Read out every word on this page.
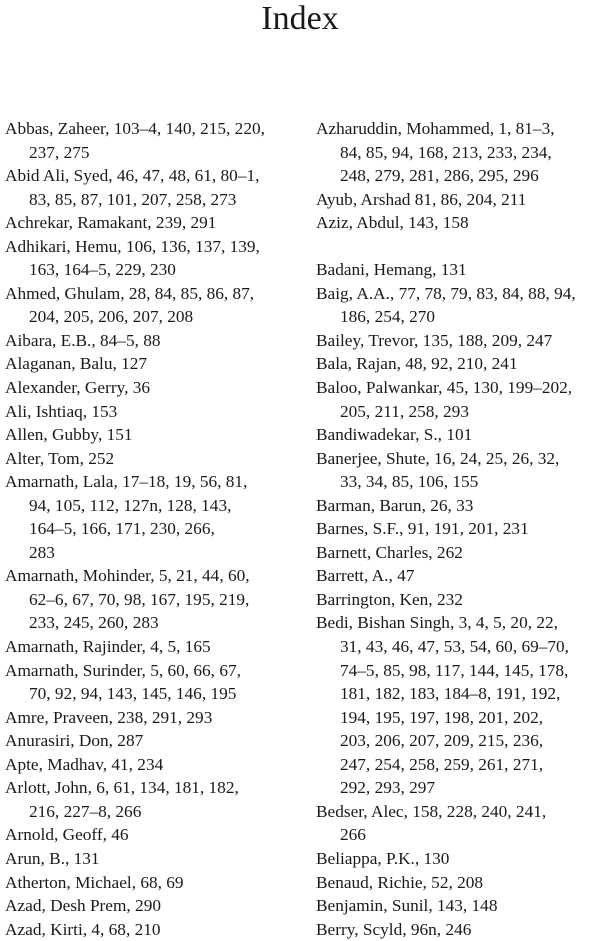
Index
Abbas, Zaheer, 103–4, 140, 215, 220,
237, 275
Abid Ali, Syed, 46, 47, 48, 61, 80–1,
83, 85, 87, 101, 207, 258, 273
Achrekar, Ramakant, 239, 291
Adhikari, Hemu, 106, 136, 137, 139,
163, 164–5, 229, 230
Ahmed, Ghulam, 28, 84, 85, 86, 87,
204, 205, 206, 207, 208
Aibara, E.B., 84–5, 88
Alaganan, Balu, 127
Alexander, Gerry, 36
Ali, Ishtiaq, 153
Allen, Gubby, 151
Alter, Tom, 252
Amarnath, Lala, 17–18, 19, 56, 81,
94, 105, 112, 127n, 128, 143,
164–5, 166, 171, 230, 266,
283
Amarnath, Mohinder, 5, 21, 44, 60,
62–6, 67, 70, 98, 167, 195, 219,
233, 245, 260, 283
Amarnath, Rajinder, 4, 5, 165
Amarnath, Surinder, 5, 60, 66, 67,
70, 92, 94, 143, 145, 146, 195
Amre, Praveen, 238, 291, 293
Anurasiri, Don, 287
Apte, Madhav, 41, 234
Arlott, John, 6, 61, 134, 181, 182,
216, 227–8, 266
Arnold, Geoff, 46
Arun, B., 131
Atherton, Michael, 68, 69
Azad, Desh Prem, 290
Azad, Kirti, 4, 68, 210
Azharuddin, Mohammed, 1, 81–3,
84, 85, 94, 168, 213, 233, 234,
248, 279, 281, 286, 295, 296
Ayub, Arshad 81, 86, 204, 211
Aziz, Abdul, 143, 158
Badani, Hemang, 131
Baig, A.A., 77, 78, 79, 83, 84, 88, 94,
186, 254, 270
Bailey, Trevor, 135, 188, 209, 247
Bala, Rajan, 48, 92, 210, 241
Baloo, Palwankar, 45, 130, 199–202,
205, 211, 258, 293
Bandiwadekar, S., 101
Banerjee, Shute, 16, 24, 25, 26, 32,
33, 34, 85, 106, 155
Barman, Barun, 26, 33
Barnes, S.F., 91, 191, 201, 231
Barnett, Charles, 262
Barrett, A., 47
Barrington, Ken, 232
Bedi, Bishan Singh, 3, 4, 5, 20, 22,
31, 43, 46, 47, 53, 54, 60, 69–70,
74–5, 85, 98, 117, 144, 145, 178,
181, 182, 183, 184–8, 191, 192,
194, 195, 197, 198, 201, 202,
203, 206, 207, 209, 215, 236,
247, 254, 258, 259, 261, 271,
292, 293, 297
Bedser, Alec, 158, 228, 240, 241,
266
Beliappa, P.K., 130
Benaud, Richie, 52, 208
Benjamin, Sunil, 143, 148
Berry, Scyld, 96n, 246
